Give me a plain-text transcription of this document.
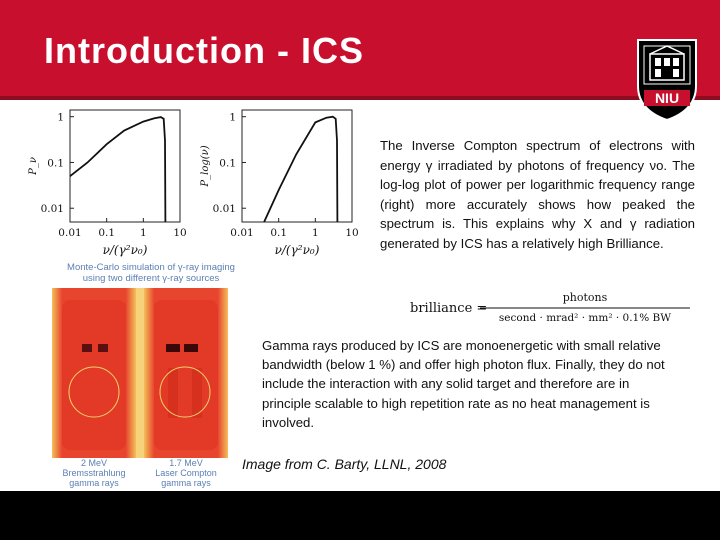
Introduction - ICS
NIU
0.01 0.1 1	10
1
0.1
0.01
ν/(γ²ν₀)
P_ν
0.01 0.1 1	10
1
0.1
0.01
ν/(γ²ν₀)
P_log(ν)	The Inverse Compton spectrum of electrons with energy γ irradiated by photons of frequency νo. The log-log plot of power per logarithmic frequency range (right) more accurately shows how peaked the spectrum is. This explains why X and γ radiation generated by ICS has a relatively high Brilliance.
brilliance =
photons
second · mrad² · mm² · 0.1% BW
Monte-Carlo simulation of γ-ray imaging using two different γ-ray sources
2 MeV
Bremsstrahlung
gamma rays
1.7 MeV
Laser Compton
gamma rays
Gamma rays produced by ICS are monoenergetic with small relative bandwidth (below 1 %) and offer high photon flux. Finally, they do not include the interaction with any solid target and therefore are in principle scalable to high repetition rate as no heat management is involved.
Image from C. Barty, LLNL, 2008
